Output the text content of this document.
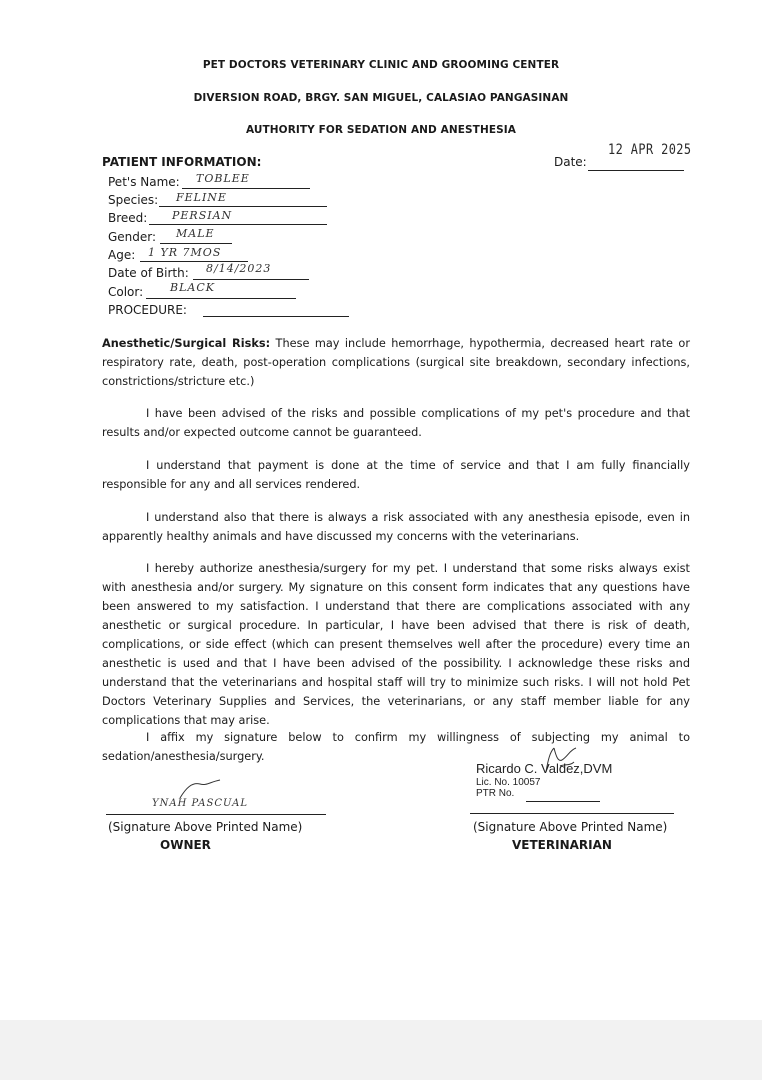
PET DOCTORS VETERINARY CLINIC AND GROOMING CENTER
DIVERSION ROAD, BRGY. SAN MIGUEL, CALASIAO PANGASINAN
AUTHORITY FOR SEDATION AND ANESTHESIA
PATIENT INFORMATION:	Date:
12 APR 2025
Pet's Name: TOBLEE
Species: FELINE
Breed: PERSIAN
Gender: MALE
Age: 1 YR 7MOS
Date of Birth: 8/14/2023
Color: BLACK
PROCEDURE:
Anesthetic/Surgical Risks: These may include hemorrhage, hypothermia, decreased heart rate or respiratory rate, death, post-operation complications (surgical site breakdown, secondary infections, constrictions/stricture etc.)
I have been advised of the risks and possible complications of my pet's procedure and that results and/or expected outcome cannot be guaranteed.
I understand that payment is done at the time of service and that I am fully financially responsible for any and all services rendered.
I understand also that there is always a risk associated with any anesthesia episode, even in apparently healthy animals and have discussed my concerns with the veterinarians.
I hereby authorize anesthesia/surgery for my pet. I understand that some risks always exist with anesthesia and/or surgery. My signature on this consent form indicates that any questions have been answered to my satisfaction. I understand that there are complications associated with any anesthetic or surgical procedure. In particular, I have been advised that there is risk of death, complications, or side effect (which can present themselves well after the procedure) every time an anesthetic is used and that I have been advised of the possibility. I acknowledge these risks and understand that the veterinarians and hospital staff will try to minimize such risks. I will not hold Pet Doctors Veterinary Supplies and Services, the veterinarians, or any staff member liable for any complications that may arise.
I affix my signature below to confirm my willingness of subjecting my animal to sedation/anesthesia/surgery.
Ricardo C. Valdez,DVM
Lic. No. 10057
PTR No.
(Signature Above Printed Name)
VETERINARIAN
YNAH PASCUAL
(Signature Above Printed Name)
OWNER
